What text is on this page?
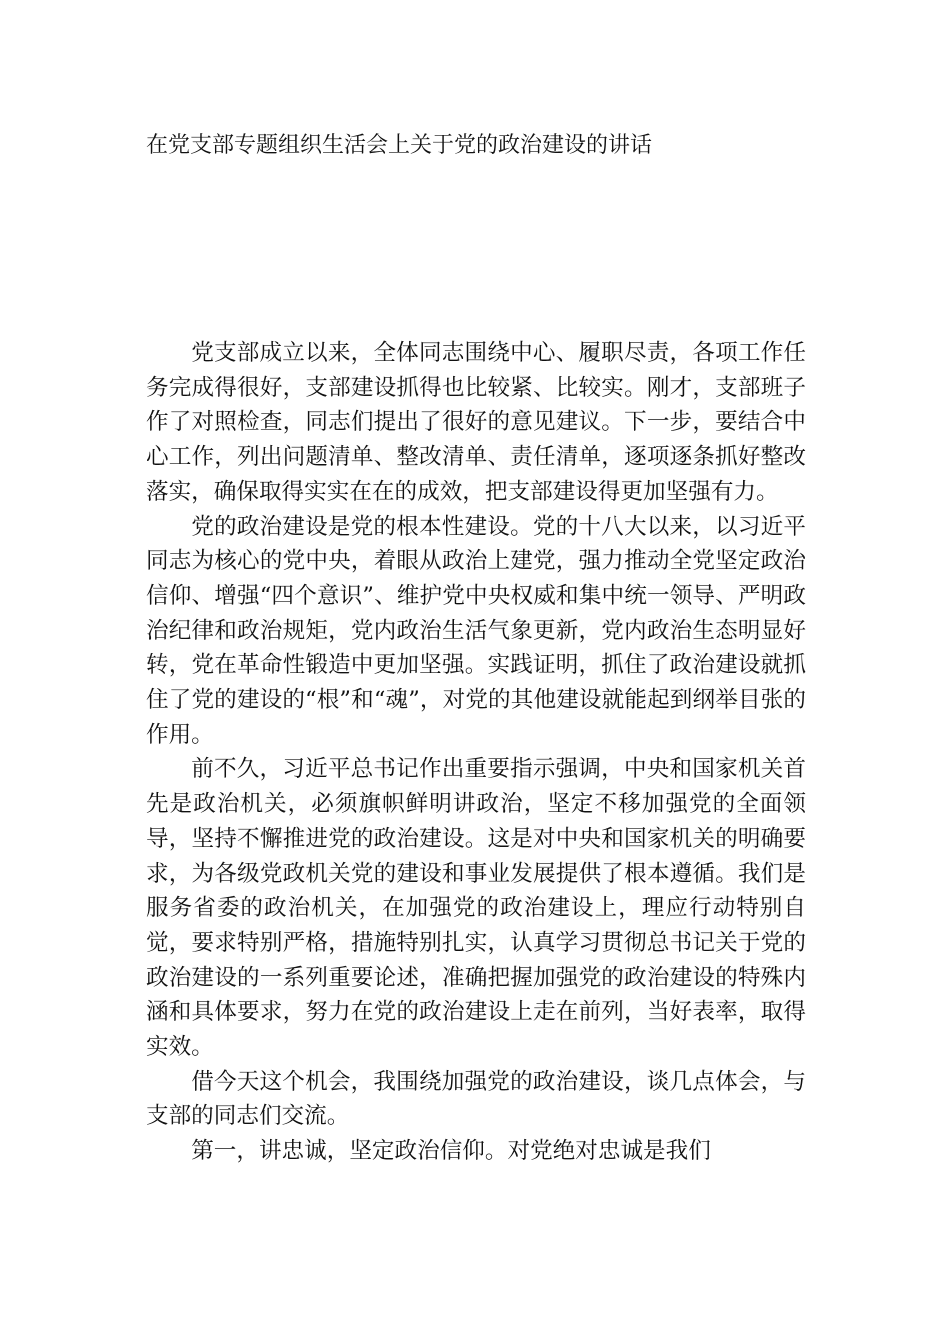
在党支部专题组织生活会上关于党的政治建设的讲话

党支部成立以来，全体同志围绕中心、履职尽责，各项工作任务完成得很好，支部建设抓得也比较紧、比较实。刚才，支部班子作了对照检查，同志们提出了很好的意见建议。下一步，要结合中心工作，列出问题清单、整改清单、责任清单，逐项逐条抓好整改落实，确保取得实实在在的成效，把支部建设得更加坚强有力。

党的政治建设是党的根本性建设。党的十八大以来，以习近平同志为核心的党中央，着眼从政治上建党，强力推动全党坚定政治信仰、增强“四个意识”、维护党中央权威和集中统一领导、严明政治纪律和政治规矩，党内政治生活气象更新，党内政治生态明显好转，党在革命性锻造中更加坚强。实践证明，抓住了政治建设就抓住了党的建设的“根”和“魂”，对党的其他建设就能起到纲举目张的作用。

前不久，习近平总书记作出重要指示强调，中央和国家机关首先是政治机关，必须旗帜鲜明讲政治，坚定不移加强党的全面领导，坚持不懈推进党的政治建设。这是对中央和国家机关的明确要求，为各级党政机关党的建设和事业发展提供了根本遵循。我们是服务省委的政治机关，在加强党的政治建设上，理应行动特别自觉，要求特别严格，措施特别扎实，认真学习贯彻总书记关于党的政治建设的一系列重要论述，准确把握加强党的政治建设的特殊内涵和具体要求，努力在党的政治建设上走在前列，当好表率，取得实效。

借今天这个机会，我围绕加强党的政治建设，谈几点体会，与支部的同志们交流。

第一，讲忠诚，坚定政治信仰。对党绝对忠诚是我们
